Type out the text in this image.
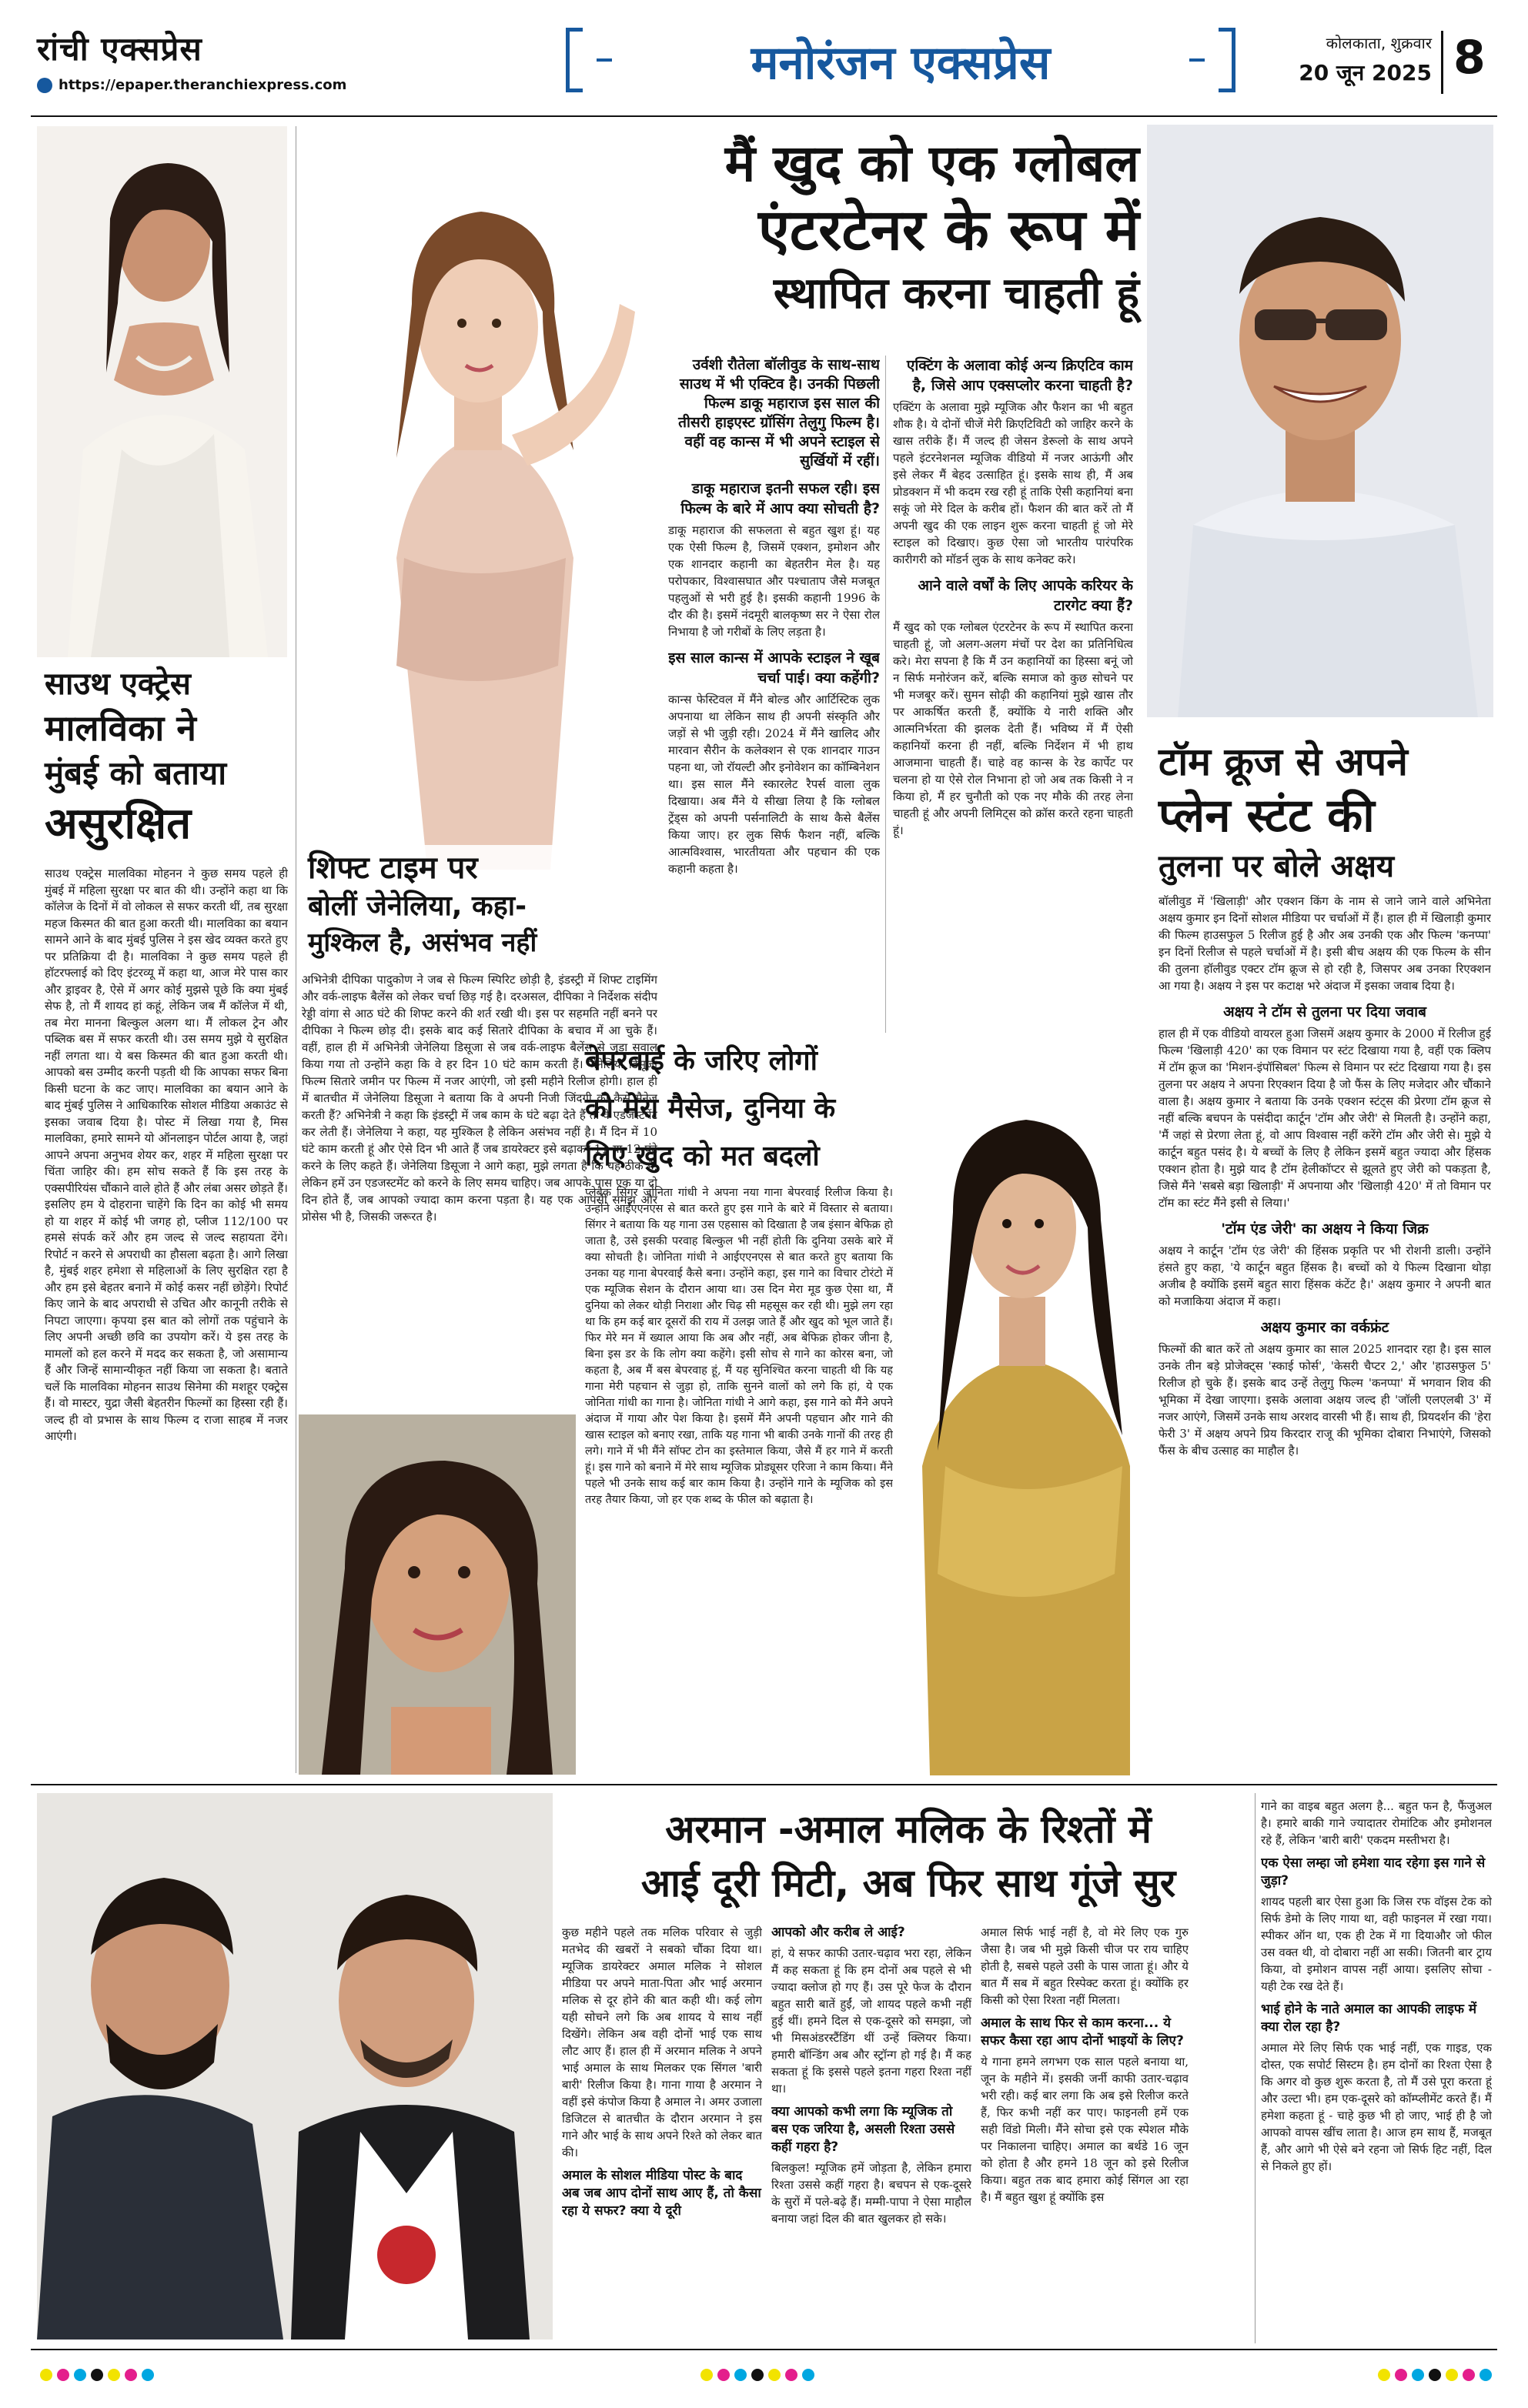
रांची एक्सप्रेस
https://epaper.theranchiexpress.com	मनोरंजन एक्सप्रेस	कोलकाता, शुक्रवार
20 जून 2025 8
साउथ एक्ट्रेस
मालविका ने
मुंबई को बताया
असुरक्षित

साउथ एक्ट्रेस मालविका मोहनन ने कुछ समय पहले ही मुंबई में महिला सुरक्षा पर बात की थी। उन्होंने कहा था कि कॉलेज के दिनों में वो लोकल से सफर करती थीं, तब सुरक्षा महज किस्मत की बात हुआ करती थी। मालविका का बयान सामने आने के बाद मुंबई पुलिस ने इस खेद व्यक्त करते हुए पर प्रतिक्रिया दी है। मालविका ने कुछ समय पहले ही हॉटरफ्लाई को दिए इंटरव्यू में कहा था, आज मेरे पास कार और ड्राइवर है, ऐसे में अगर कोई मुझसे पूछे कि क्या मुंबई सेफ है, तो मैं शायद हां कहूं, लेकिन जब मैं कॉलेज में थी, तब मेरा मानना बिल्कुल अलग था। मैं लोकल ट्रेन और पब्लिक बस में सफर करती थी। उस समय मुझे ये सुरक्षित नहीं लगता था। ये बस किस्मत की बात हुआ करती थी। आपको बस उम्मीद करनी पड़ती थी कि आपका सफर बिना किसी घटना के कट जाए। मालविका का बयान आने के बाद मुंबई पुलिस ने आधिकारिक सोशल मीडिया अकाउंट से इसका जवाब दिया है। पोस्ट में लिखा गया है, मिस मालविका, हमारे सामने यो ऑनलाइन पोर्टल आया है, जहां आपने अपना अनुभव शेयर कर, शहर में महिला सुरक्षा पर चिंता जाहिर की। हम सोच सकते हैं कि इस तरह के एक्सपीरियंस चौंकाने वाले होते हैं और लंबा असर छोड़ते हैं। इसलिए हम ये दोहराना चाहेंगे कि दिन का कोई भी समय हो या शहर में कोई भी जगह हो, प्लीज 112/100 पर हमसे संपर्क करें और हम जल्द से जल्द सहायता देंगे। रिपोर्ट न करने से अपराधी का हौसला बढ़ता है। आगे लिखा है, मुंबई शहर हमेशा से महिलाओं के लिए सुरक्षित रहा है और हम इसे बेहतर बनाने में कोई कसर नहीं छोड़ेंगे। रिपोर्ट किए जाने के बाद अपराधी से उचित और कानूनी तरीके से निपटा जाएगा। कृपया इस बात को लोगों तक पहुंचाने के लिए अपनी अच्छी छवि का उपयोग करें। ये इस तरह के मामलों को हल करने में मदद कर सकता है, जो असामान्य हैं और जिन्हें सामान्यीकृत नहीं किया जा सकता है। बताते चलें कि मालविका मोहनन साउथ सिनेमा की मशहूर एक्ट्रेस हैं। वो मास्टर, युद्रा जैसी बेहतरीन फिल्मों का हिस्सा रही हैं। जल्द ही वो प्रभास के साथ फिल्म द राजा साहब में नजर आएंगी।

मैं खुद को एक ग्लोबल
एंटरटेनर के रूप में
स्थापित करना चाहती हूं

उर्वशी रौतेला बॉलीवुड के साथ-साथ साउथ में भी एक्टिव है। उनकी पिछली फिल्म डाकू महाराज इस साल की तीसरी हाइएस्ट ग्रॉसिंग तेलुगु फिल्म है। वहीं वह कान्स में भी अपने स्टाइल से सुर्खियों में रहीं।

डाकू महाराज इतनी सफल रही। इस फिल्म के बारे में आप क्या सोचती है?

डाकू महाराज की सफलता से बहुत खुश हूं। यह एक ऐसी फिल्म है, जिसमें एक्शन, इमोशन और एक शानदार कहानी का बेहतरीन मेल है। यह परोपकार, विश्वासघात और पश्चाताप जैसे मजबूत पहलुओं से भरी हुई है। इसकी कहानी 1996 के दौर की है। इसमें नंदमूरी बालकृष्ण सर ने ऐसा रोल निभाया है जो गरीबों के लिए लड़ता है।

इस साल कान्स में आपके स्टाइल ने खूब चर्चा पाई। क्या कहेंगी?

कान्स फेस्टिवल में मैंने बोल्ड और आर्टिस्टिक लुक अपनाया था लेकिन साथ ही अपनी संस्कृति और जड़ों से भी जुड़ी रही। 2024 में मैंने खालिद और मारवान सैरीन के कलेक्शन से एक शानदार गाउन पहना था, जो रॉयल्टी और इनोवेशन का कॉम्बिनेशन था। इस साल मैंने स्कारलेट रैपर्स वाला लुक दिखाया। अब मैंने ये सीखा लिया है कि ग्लोबल ट्रेंड्स को अपनी पर्सनालिटी के साथ कैसे बैलेंस किया जाए। हर लुक सिर्फ फैशन नहीं, बल्कि आत्मविश्वास, भारतीयता और पहचान की एक कहानी कहता है।

एक्टिंग के अलावा कोई अन्य क्रिएटिव काम है, जिसे आप एक्सप्लोर करना चाहती है?

एक्टिंग के अलावा मुझे म्यूजिक और फैशन का भी बहुत शौक है। ये दोनों चीजें मेरी क्रिएटिविटी को जाहिर करने के खास तरीके हैं। मैं जल्द ही जेसन डेरूलो के साथ अपने पहले इंटरनेशनल म्यूजिक वीडियो में नजर आऊंगी और इसे लेकर मैं बेहद उत्साहित हूं। इसके साथ ही, मैं अब प्रोडक्शन में भी कदम रख रही हूं ताकि ऐसी कहानियां बना सकूं जो मेरे दिल के करीब हों। फैशन की बात करें तो मैं अपनी खुद की एक लाइन शुरू करना चाहती हूं जो मेरे स्टाइल को दिखाए। कुछ ऐसा जो भारतीय पारंपरिक कारीगरी को मॉडर्न लुक के साथ कनेक्ट करे।

आने वाले वर्षों के लिए आपके करियर के टारगेट क्या हैं?

मैं खुद को एक ग्लोबल एंटरटेनर के रूप में स्थापित करना चाहती हूं, जो अलग-अलग मंचों पर देश का प्रतिनिधित्व करे। मेरा सपना है कि मैं उन कहानियों का हिस्सा बनूं जो न सिर्फ मनोरंजन करें, बल्कि समाज को कुछ सोचने पर भी मजबूर करें। सुमन सोढ़ी की कहानियां मुझे खास तौर पर आकर्षित करती हैं, क्योंकि ये नारी शक्ति और आत्मनिर्भरता की झलक देती हैं। भविष्य में मैं ऐसी कहानियों करना ही नहीं, बल्कि निर्देशन में भी हाथ आजमाना चाहती हैं। चाहे वह कान्स के रेड कार्पेट पर चलना हो या ऐसे रोल निभाना हो जो अब तक किसी ने न किया हो, मैं हर चुनौती को एक नए मौके की तरह लेना चाहती हूं और अपनी लिमिट्स को क्रॉस करते रहना चाहती हूं।

शिफ्ट टाइम पर
बोलीं जेनेलिया, कहा-
मुश्किल है, असंभव नहीं

अभिनेत्री दीपिका पादुकोण ने जब से फिल्म स्पिरिट छोड़ी है, इंडस्ट्री में शिफ्ट टाइमिंग और वर्क-लाइफ बैलेंस को लेकर चर्चा छिड़ गई है। दरअसल, दीपिका ने निर्देशक संदीप रेड्डी वांगा से आठ घंटे की शिफ्ट करने की शर्त रखी थी। इस पर सहमति नहीं बनने पर दीपिका ने फिल्म छोड़ दी। इसके बाद कई सितारे दीपिका के बचाव में आ चुके हैं। वहीं, हाल ही में अभिनेत्री जेनेलिया डिसूजा से जब वर्क-लाइफ बैलेंस से जुड़ा सवाल किया गया तो उन्होंने कहा कि वे हर दिन 10 घंटे काम करती हैं। जेनेलिया डिसूजा फिल्म सितारे जमीन पर फिल्म में नजर आएंगी, जो इसी महीने रिलीज होगी। हाल ही में बातचीत में जेनेलिया डिसूजा ने बताया कि वे अपनी निजी जिंदगी को कैसे मैनेज करती हैं? अभिनेत्री ने कहा कि इंडस्ट्री में जब काम के घंटे बढ़ा देते हैं तो वे एडजस्टमेंट कर लेती हैं। जेनेलिया ने कहा, यह मुश्किल है लेकिन असंभव नहीं है। मैं दिन में 10 घंटे काम करती हूं और ऐसे दिन भी आते हैं जब डायरेक्टर इसे बढ़ाकर 11 या 12 घंटे करने के लिए कहते हैं। जेनेलिया डिसूजा ने आगे कहा, मुझे लगता है कि यह ठीक है, लेकिन हमें उन एडजस्टमेंट को करने के लिए समय चाहिए। जब आपके पास एक या दो दिन होते हैं, जब आपको ज्यादा काम करना पड़ता है। यह एक आपसी समझ और प्रोसेस भी है, जिसकी जरूरत है।

बेपरवाई के जरिए लोगों
को मेरा मैसेज, दुनिया के
लिए खुद को मत बदलो

प्लेबैक सिंगर जोनिता गांधी ने अपना नया गाना बेपरवाई रिलीज किया है। उन्होंने आईएएनएस से बात करते हुए इस गाने के बारे में विस्तार से बताया। सिंगर ने बताया कि यह गाना उस एहसास को दिखाता है जब इंसान बेफिक्र हो जाता है, उसे इसकी परवाह बिल्कुल भी नहीं होती कि दुनिया उसके बारे में क्या सोचती है। जोनिता गांधी ने आईएएनएस से बात करते हुए बताया कि उनका यह गाना बेपरवाई कैसे बना। उन्होंने कहा, इस गाने का विचार टोरंटो में एक म्यूजिक सेशन के दौरान आया था। उस दिन मेरा मूड कुछ ऐसा था, मैं दुनिया को लेकर थोड़ी निराशा और चिढ़ सी महसूस कर रही थी। मुझे लग रहा था कि हम कई बार दूसरों की राय में उलझ जाते हैं और खुद को भूल जाते हैं। फिर मेरे मन में ख्याल आया कि अब और नहीं, अब बेफिक्र होकर जीना है, बिना इस डर के कि लोग क्या कहेंगे। इसी सोच से गाने का कोरस बना, जो कहता है, अब मैं बस बेपरवाह हूं, मैं यह सुनिश्चित करना चाहती थी कि यह गाना मेरी पहचान से जुड़ा हो, ताकि सुनने वालों को लगे कि हां, ये एक जोनिता गांधी का गाना है। जोनिता गांधी ने आगे कहा, इस गाने को मैंने अपने अंदाज में गाया और पेश किया है। इसमें मैंने अपनी पहचान और गाने की खास स्टाइल को बनाए रखा, ताकि यह गाना भी बाकी उनके गानों की तरह ही लगे। गाने में भी मैंने सॉफ्ट टोन का इस्तेमाल किया, जैसे मैं हर गाने में करती हूं। इस गाने को बनाने में मेरे साथ म्यूजिक प्रोड्यूसर एरिजा ने काम किया। मैंने पहले भी उनके साथ कई बार काम किया है। उन्होंने गाने के म्यूजिक को इस तरह तैयार किया, जो हर एक शब्द के फील को बढ़ाता है।

टॉम क्रूज से अपने
प्लेन स्टंट की
तुलना पर बोले अक्षय

बॉलीवुड में 'खिलाड़ी' और एक्शन किंग के नाम से जाने जाने वाले अभिनेता अक्षय कुमार इन दिनों सोशल मीडिया पर चर्चाओं में हैं। हाल ही में खिलाड़ी कुमार की फिल्म हाउसफुल 5 रिलीज हुई है और अब उनकी एक और फिल्म 'कनप्पा' इन दिनों रिलीज से पहले चर्चाओं में है। इसी बीच अक्षय की एक फिल्म के सीन की तुलना हॉलीवुड एक्टर टॉम क्रूज से हो रही है, जिसपर अब उनका रिएक्शन आ गया है। अक्षय ने इस पर कटाक्ष भरे अंदाज में इसका जवाब दिया है।

अक्षय ने टॉम से तुलना पर दिया जवाब

हाल ही में एक वीडियो वायरल हुआ जिसमें अक्षय कुमार के 2000 में रिलीज हुई फिल्म 'खिलाड़ी 420' का एक विमान पर स्टंट दिखाया गया है, वहीं एक क्लिप में टॉम क्रूज का 'मिशन-इंपॉसिबल' फिल्म से विमान पर स्टंट दिखाया गया है। इस तुलना पर अक्षय ने अपना रिएक्शन दिया है जो फैंस के लिए मजेदार और चौंकाने वाला है। अक्षय कुमार ने बताया कि उनके एक्शन स्टंट्स की प्रेरणा टॉम क्रूज से नहीं बल्कि बचपन के पसंदीदा कार्टून 'टॉम और जेरी' से मिलती है। उन्होंने कहा, 'मैं जहां से प्रेरणा लेता हूं, वो आप विश्वास नहीं करेंगे टॉम और जेरी से। मुझे ये कार्टून बहुत पसंद है। ये बच्चों के लिए है लेकिन इसमें बहुत ज्यादा और हिंसक एक्शन होता है। मुझे याद है टॉम हेलीकॉप्टर से झूलते हुए जेरी को पकड़ता है, जिसे मैंने 'सबसे बड़ा खिलाड़ी' में अपनाया और 'खिलाड़ी 420' में तो विमान पर टॉम का स्टंट मैंने इसी से लिया।'

'टॉम एंड जेरी' का अक्षय ने किया जिक्र

अक्षय ने कार्टून 'टॉम एंड जेरी' की हिंसक प्रकृति पर भी रोशनी डाली। उन्होंने हंसते हुए कहा, 'ये कार्टून बहुत हिंसक है। बच्चों को ये फिल्म दिखाना थोड़ा अजीब है क्योंकि इसमें बहुत सारा हिंसक कंटेंट है।' अक्षय कुमार ने अपनी बात को मजाकिया अंदाज में कहा।

अक्षय कुमार का वर्कफ्रंट

फिल्मों की बात करें तो अक्षय कुमार का साल 2025 शानदार रहा है। इस साल उनके तीन बड़े प्रोजेक्ट्स 'स्काई फोर्स', 'केसरी चैप्टर 2,' और 'हाउसफुल 5' रिलीज हो चुके हैं। इसके बाद उन्हें तेलुगु फिल्म 'कनप्पा' में भगवान शिव की भूमिका में देखा जाएगा। इसके अलावा अक्षय जल्द ही 'जॉली एलएलबी 3' में नजर आएंगे, जिसमें उनके साथ अरशद वारसी भी हैं। साथ ही, प्रियदर्शन की 'हेरा फेरी 3' में अक्षय अपने प्रिय किरदार राजू की भूमिका दोबारा निभाएंगे, जिसको फैंस के बीच उत्साह का माहौल है।

अरमान -अमाल मलिक के रिश्तों में
आई दूरी मिटी, अब फिर साथ गूंजे सुर

कुछ महीने पहले तक मलिक परिवार से जुड़ी मतभेद की खबरों ने सबको चौंका दिया था। म्यूजिक डायरेक्टर अमाल मलिक ने सोशल मीडिया पर अपने माता-पिता और भाई अरमान मलिक से दूर होने की बात कही थी। कई लोग यही सोचने लगे कि अब शायद ये साथ नहीं दिखेंगे। लेकिन अब वही दोनों भाई एक साथ लौट आए हैं। हाल ही में अरमान मलिक ने अपने भाई अमाल के साथ मिलकर एक सिंगल 'बारी बारी' रिलीज किया है। गाना गाया है अरमान ने वहीं इसे कंपोज किया है अमाल ने। अमर उजाला डिजिटल से बातचीत के दौरान अरमान ने इस गाने और भाई के साथ अपने रिश्ते को लेकर बात की।

अमाल के सोशल मीडिया पोस्ट के बाद अब जब आप दोनों साथ आए हैं, तो कैसा रहा ये सफर? क्या ये दूरी

आपको और करीब ले आई?

हां, ये सफर काफी उतार-चढ़ाव भरा रहा, लेकिन मैं कह सकता हूं कि हम दोनों अब पहले से भी ज्यादा क्लोज हो गए हैं। उस पूरे फेज के दौरान बहुत सारी बातें हुईं, जो शायद पहले कभी नहीं हुई थीं। हमने दिल से एक-दूसरे को समझा, जो भी मिसअंडरस्टैंडिंग थीं उन्हें क्लियर किया। हमारी बॉन्डिंग अब और स्ट्रॉन्ग हो गई है। मैं कह सकता हूं कि इससे पहले इतना गहरा रिश्ता नहीं था।

क्या आपको कभी लगा कि म्यूजिक तो बस एक जरिया है, असली रिश्ता उससे कहीं गहरा है?

बिलकुल! म्यूजिक हमें जोड़ता है, लेकिन हमारा रिश्ता उससे कहीं गहरा है। बचपन से एक-दूसरे के सुरों में पले-बढ़े हैं। मम्मी-पापा ने ऐसा माहौल बनाया जहां दिल की बात खुलकर हो सके।

अमाल सिर्फ भाई नहीं है, वो मेरे लिए एक गुरु जैसा है। जब भी मुझे किसी चीज पर राय चाहिए होती है, सबसे पहले उसी के पास जाता हूं। और ये बात मैं सब में बहुत रिस्पेक्ट करता हूं। क्योंकि हर किसी को ऐसा रिश्ता नहीं मिलता।

अमाल के साथ फिर से काम करना... ये सफर कैसा रहा आप दोनों भाइयों के लिए?

ये गाना हमने लगभग एक साल पहले बनाया था, जून के महीने में। इसकी जर्नी काफी उतार-चढ़ाव भरी रही। कई बार लगा कि अब इसे रिलीज करते हैं, फिर कभी नहीं कर पाए। फाइनली हमें एक सही विंडो मिली। मैंने सोचा इसे एक स्पेशल मौके पर निकालना चाहिए। अमाल का बर्थडे 16 जून को होता है और हमने 18 जून को इसे रिलीज किया। बहुत तक बाद हमारा कोई सिंगल आ रहा है। मैं बहुत खुश हूं क्योंकि इस

गाने का वाइब बहुत अलग है... बहुत फन है, फैंजुअल है। हमारे बाकी गाने ज्यादातर रोमांटिक और इमोशनल रहे हैं, लेकिन 'बारी बारी' एकदम मस्तीभरा है।

एक ऐसा लम्हा जो हमेशा याद रहेगा इस गाने से जुड़ा?

शायद पहली बार ऐसा हुआ कि जिस रफ वॉइस टेक को सिर्फ डेमो के लिए गाया था, वही फाइनल में रखा गया। स्पीकर ऑन था, एक ही टेक में गा दियाऔर जो फील उस वक्त थी, वो दोबारा नहीं आ सकी। जितनी बार ट्राय किया, वो इमोशन वापस नहीं आया। इसलिए सोचा - यही टेक रख देते हैं।

भाई होने के नाते अमाल का आपकी लाइफ में क्या रोल रहा है?

अमाल मेरे लिए सिर्फ एक भाई नहीं, एक गाइड, एक दोस्त, एक सपोर्ट सिस्टम है। हम दोनों का रिश्ता ऐसा है कि अगर वो कुछ शुरू करता है, तो मैं उसे पूरा करता हूं और उल्टा भी। हम एक-दूसरे को कॉम्प्लीमेंट करते हैं। मैं हमेशा कहता हूं - चाहे कुछ भी हो जाए, भाई ही है जो आपको वापस खींच लाता है। आज हम साथ हैं, मजबूत हैं, और आगे भी ऐसे बने रहना जो सिर्फ हिट नहीं, दिल से निकले हुए हों।
